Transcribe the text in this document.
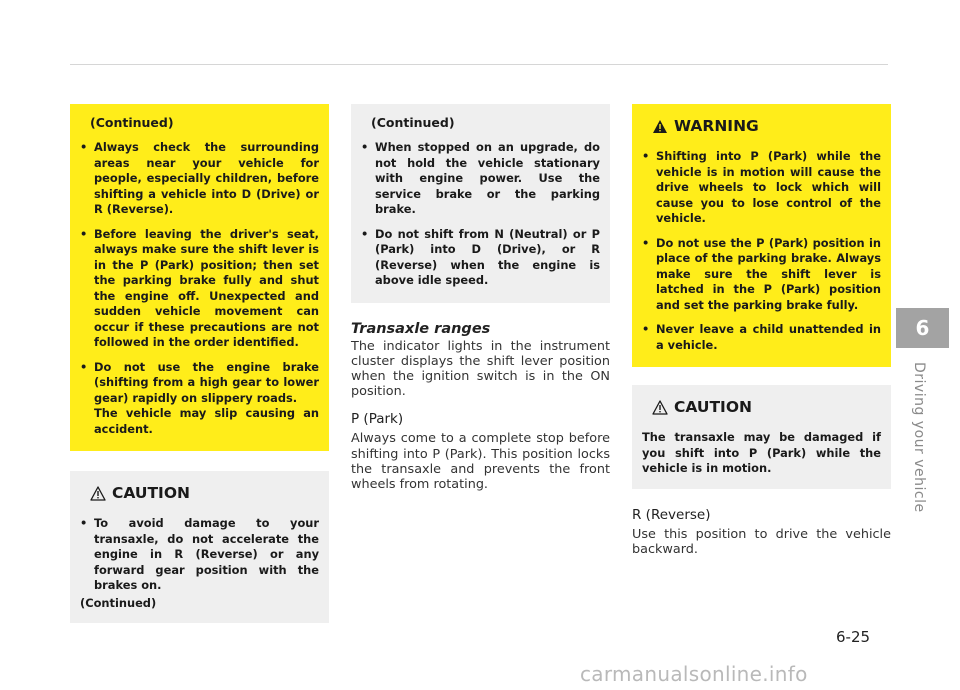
(Continued)
• Always check the surrounding areas near your vehicle for people, especially children, before shifting a vehicle into D (Drive) or R (Reverse).
• Before leaving the driver's seat, always make sure the shift lever is in the P (Park) position; then set the parking brake fully and shut the engine off. Unexpected and sudden vehicle movement can occur if these precautions are not followed in the order identified.
• Do not use the engine brake (shifting from a high gear to lower gear) rapidly on slippery roads.
The vehicle may slip causing an accident.
CAUTION
• To avoid damage to your transaxle, do not accelerate the engine in R (Reverse) or any forward gear position with the brakes on.

(Continued)

(Continued)
• When stopped on an upgrade, do not hold the vehicle stationary with engine power. Use the service brake or the parking brake.
• Do not shift from N (Neutral) or P (Park) into D (Drive), or R (Reverse) when the engine is above idle speed.
Transaxle ranges

The indicator lights in the instrument cluster displays the shift lever position when the ignition switch is in the ON position.

P (Park)

Always come to a complete stop before shifting into P (Park). This position locks the transaxle and prevents the front wheels from rotating.

WARNING
• Shifting into P (Park) while the vehicle is in motion will cause the drive wheels to lock which will cause you to lose control of the vehicle.
• Do not use the P (Park) position in place of the parking brake. Always make sure the shift lever is latched in the P (Park) position and set the parking brake fully.
• Never leave a child unattended in a vehicle.
CAUTION

The transaxle may be damaged if you shift into P (Park) while the vehicle is in motion.

R (Reverse)

Use this position to drive the vehicle backward.

6
Driving your vehicle
6-25
carmanualsonline.info
